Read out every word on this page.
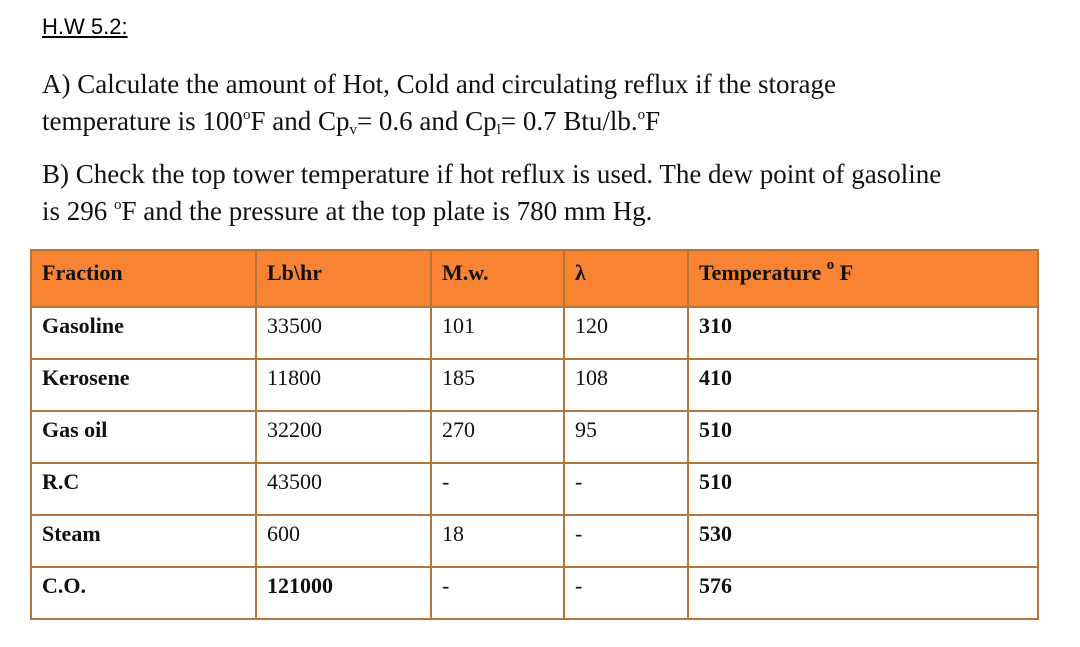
H.W 5.2:

A) Calculate the amount of Hot, Cold and circulating reflux if the storage
temperature is 100$^o$F and $Cp_v= 0.6$ and $Cp_l= 0.7$ Btu/lb.$^o$F

B) Check the top tower temperature if hot reflux is used. The dew point of gasoline
is 296 $^o$F and the pressure at the top plate is 780 mm Hg.

Fraction	Lb\hr	M.w.	λ	Temperature $^o$ F
Gasoline	33500	101	120	310
Kerosene	11800	185	108	410
Gas oil	32200	270	95	510
R.C	43500	-	-	510
Steam	600	18	-	530
C.O.	121000	-	-	576
